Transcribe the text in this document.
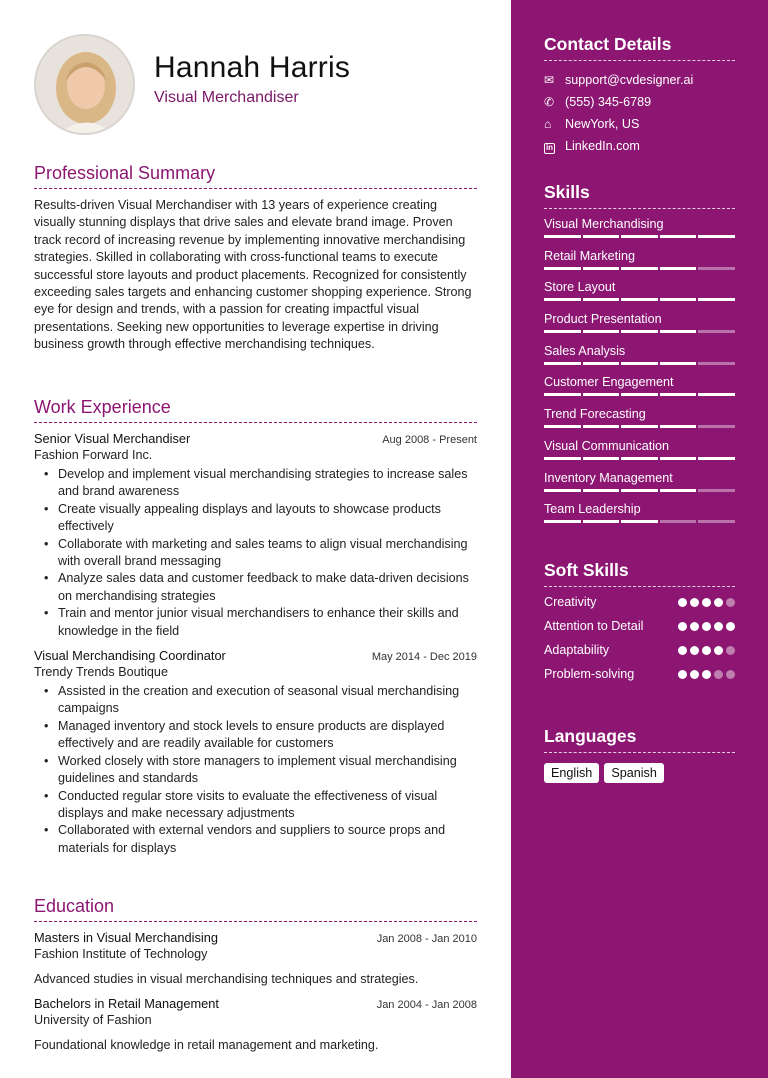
Hannah Harris
Visual Merchandiser
Professional Summary

Results-driven Visual Merchandiser with 13 years of experience creating visually stunning displays that drive sales and elevate brand image. Proven track record of increasing revenue by implementing innovative merchandising strategies. Skilled in collaborating with cross-functional teams to execute successful store layouts and product placements. Recognized for consistently exceeding sales targets and enhancing customer shopping experience. Strong eye for design and trends, with a passion for creating impactful visual presentations. Seeking new opportunities to leverage expertise in driving business growth through effective merchandising techniques.

Work Experience
Senior Visual Merchandiser	Aug 2008 - Present
Fashion Forward Inc.
• Develop and implement visual merchandising strategies to increase sales and brand awareness
• Create visually appealing displays and layouts to showcase products effectively
• Collaborate with marketing and sales teams to align visual merchandising with overall brand messaging
• Analyze sales data and customer feedback to make data-driven decisions on merchandising strategies
• Train and mentor junior visual merchandisers to enhance their skills and knowledge in the field
Visual Merchandising Coordinator	May 2014 - Dec 2019
Trendy Trends Boutique
• Assisted in the creation and execution of seasonal visual merchandising campaigns
• Managed inventory and stock levels to ensure products are displayed effectively and are readily available for customers
• Worked closely with store managers to implement visual merchandising guidelines and standards
• Conducted regular store visits to evaluate the effectiveness of visual displays and make necessary adjustments
• Collaborated with external vendors and suppliers to source props and materials for displays
Education
Masters in Visual Merchandising	Jan 2008 - Jan 2010
Fashion Institute of Technology
Advanced studies in visual merchandising techniques and strategies.
Bachelors in Retail Management	Jan 2004 - Jan 2008
University of Fashion
Foundational knowledge in retail management and marketing.
Contact Details
✉ support@cvdesigner.ai
✆ (555) 345-6789
⌂	NewYork, US
in LinkedIn.com
Skills
Visual Merchandising
Retail Marketing
Store Layout
Product Presentation
Sales Analysis
Customer Engagement
Trend Forecasting
Visual Communication
Inventory Management
Team Leadership
Soft Skills
Creativity
Attention to Detail
Adaptability
Problem-solving
Languages
English	Spanish
